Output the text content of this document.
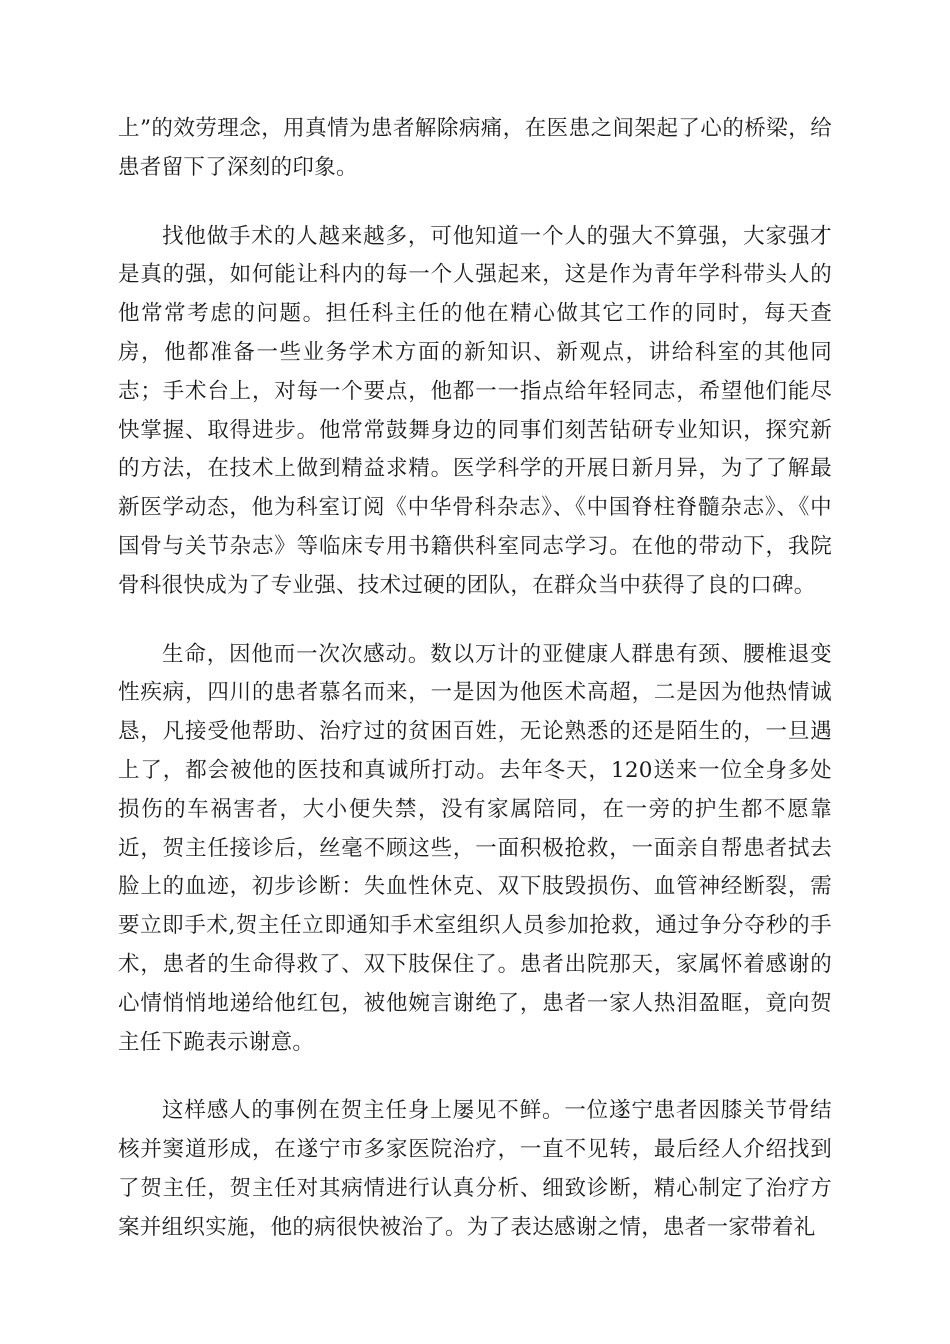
上”的效劳理念，用真情为患者解除病痛，在医患之间架起了心的桥梁，给患者留下了深刻的印象。

找他做手术的人越来越多，可他知道一个人的强大不算强，大家强才是真的强，如何能让科内的每一个人强起来，这是作为青年学科带头人的他常常考虑的问题。担任科主任的他在精心做其它工作的同时，每天查房，他都准备一些业务学术方面的新知识、新观点，讲给科室的其他同志；手术台上，对每一个要点，他都一一指点给年轻同志，希望他们能尽快掌握、取得进步。他常常鼓舞身边的同事们刻苦钻研专业知识，探究新的方法，在技术上做到精益求精。医学科学的开展日新月异，为了了解最新医学动态，他为科室订阅《中华骨科杂志》、《中国脊柱脊髓杂志》、《中国骨与关节杂志》等临床专用书籍供科室同志学习。在他的带动下，我院骨科很快成为了专业强、技术过硬的团队，在群众当中获得了良的口碑。

生命，因他而一次次感动。数以万计的亚健康人群患有颈、腰椎退变性疾病，四川的患者慕名而来，一是因为他医术高超，二是因为他热情诚恳，凡接受他帮助、治疗过的贫困百姓，无论熟悉的还是陌生的，一旦遇上了，都会被他的医技和真诚所打动。去年冬天，120送来一位全身多处损伤的车祸害者，大小便失禁，没有家属陪同，在一旁的护生都不愿靠近，贺主任接诊后，丝毫不顾这些，一面积极抢救，一面亲自帮患者拭去脸上的血迹，初步诊断：失血性休克、双下肢毁损伤、血管神经断裂，需要立即手术,贺主任立即通知手术室组织人员参加抢救，通过争分夺秒的手术，患者的生命得救了、双下肢保住了。患者出院那天，家属怀着感谢的心情悄悄地递给他红包，被他婉言谢绝了，患者一家人热泪盈眶，竟向贺主任下跪表示谢意。

这样感人的事例在贺主任身上屡见不鲜。一位遂宁患者因膝关节骨结核并窦道形成，在遂宁市多家医院治疗，一直不见转，最后经人介绍找到了贺主任，贺主任对其病情进行认真分析、细致诊断，精心制定了治疗方案并组织实施，他的病很快被治了。为了表达感谢之情，患者一家带着礼
